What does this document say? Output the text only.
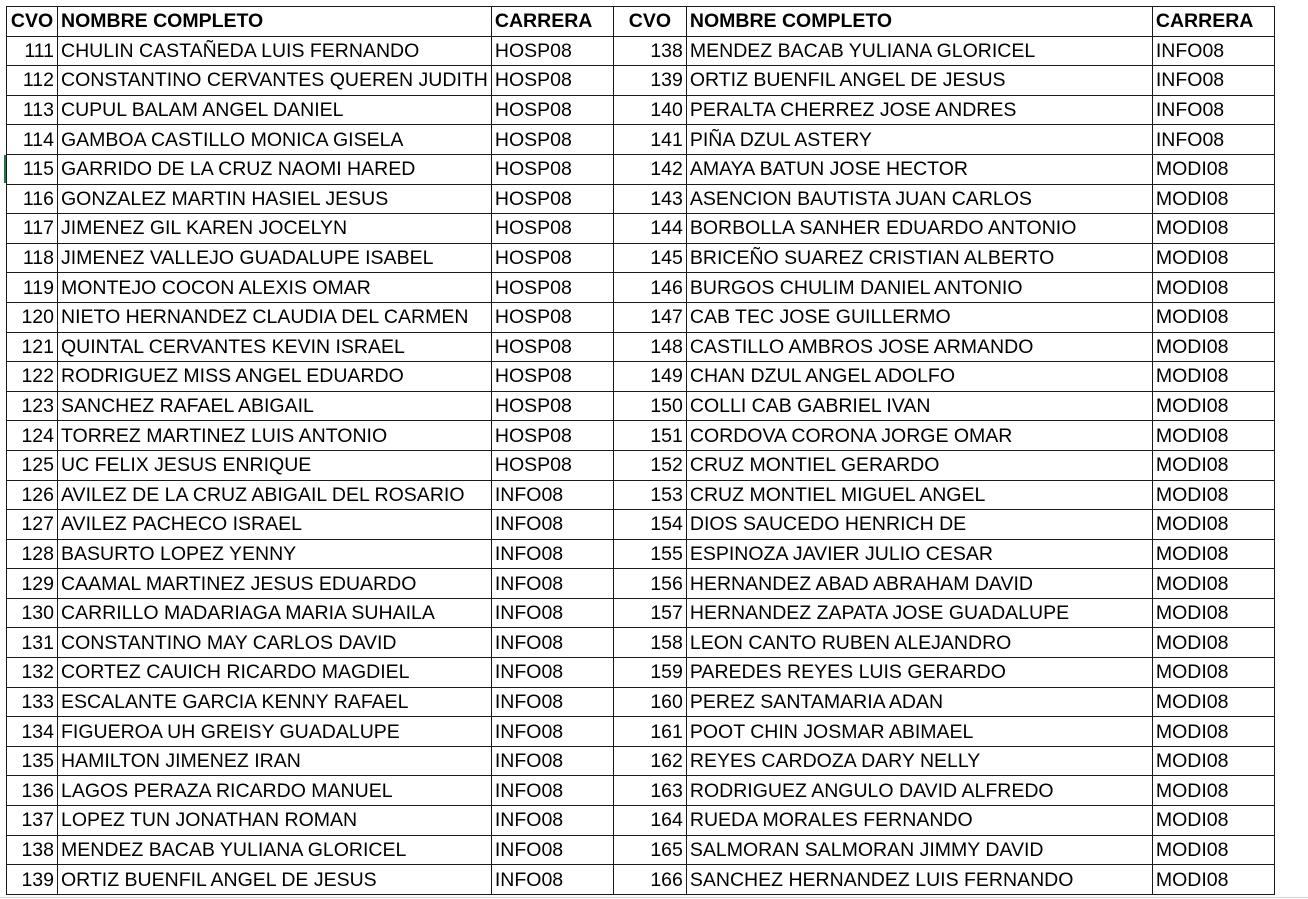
CVO	NOMBRE COMPLETO	CARRERA	CVO	NOMBRE COMPLETO	CARRERA
111	CHULIN CASTAÑEDA LUIS FERNANDO	HOSP08	138	MENDEZ BACAB YULIANA GLORICEL	INFO08
112	CONSTANTINO CERVANTES QUEREN JUDITH	HOSP08	139	ORTIZ BUENFIL ANGEL DE JESUS	INFO08
113	CUPUL BALAM ANGEL DANIEL	HOSP08	140	PERALTA CHERREZ JOSE ANDRES	INFO08
114	GAMBOA CASTILLO MONICA GISELA	HOSP08	141	PIÑA DZUL ASTERY	INFO08
115	GARRIDO DE LA CRUZ NAOMI HARED	HOSP08	142	AMAYA BATUN JOSE HECTOR	MODI08
116	GONZALEZ MARTIN HASIEL JESUS	HOSP08	143	ASENCION BAUTISTA JUAN CARLOS	MODI08
117	JIMENEZ GIL KAREN JOCELYN	HOSP08	144	BORBOLLA SANHER EDUARDO ANTONIO	MODI08
118	JIMENEZ VALLEJO GUADALUPE ISABEL	HOSP08	145	BRICEÑO SUAREZ CRISTIAN ALBERTO	MODI08
119	MONTEJO COCON ALEXIS OMAR	HOSP08	146	BURGOS CHULIM DANIEL ANTONIO	MODI08
120	NIETO HERNANDEZ CLAUDIA DEL CARMEN	HOSP08	147	CAB TEC JOSE GUILLERMO	MODI08
121	QUINTAL CERVANTES KEVIN ISRAEL	HOSP08	148	CASTILLO AMBROS JOSE ARMANDO	MODI08
122	RODRIGUEZ MISS ANGEL EDUARDO	HOSP08	149	CHAN DZUL ANGEL ADOLFO	MODI08
123	SANCHEZ RAFAEL ABIGAIL	HOSP08	150	COLLI CAB GABRIEL IVAN	MODI08
124	TORREZ MARTINEZ LUIS ANTONIO	HOSP08	151	CORDOVA CORONA JORGE OMAR	MODI08
125	UC FELIX JESUS ENRIQUE	HOSP08	152	CRUZ MONTIEL GERARDO	MODI08
126	AVILEZ DE LA CRUZ ABIGAIL DEL ROSARIO	INFO08	153	CRUZ MONTIEL MIGUEL ANGEL	MODI08
127	AVILEZ PACHECO ISRAEL	INFO08	154	DIOS SAUCEDO HENRICH DE	MODI08
128	BASURTO LOPEZ YENNY	INFO08	155	ESPINOZA JAVIER JULIO CESAR	MODI08
129	CAAMAL MARTINEZ JESUS EDUARDO	INFO08	156	HERNANDEZ ABAD ABRAHAM DAVID	MODI08
130	CARRILLO MADARIAGA MARIA SUHAILA	INFO08	157	HERNANDEZ ZAPATA JOSE GUADALUPE	MODI08
131	CONSTANTINO MAY CARLOS DAVID	INFO08	158	LEON CANTO RUBEN ALEJANDRO	MODI08
132	CORTEZ CAUICH RICARDO MAGDIEL	INFO08	159	PAREDES REYES LUIS GERARDO	MODI08
133	ESCALANTE GARCIA KENNY RAFAEL	INFO08	160	PEREZ SANTAMARIA ADAN	MODI08
134	FIGUEROA UH GREISY GUADALUPE	INFO08	161	POOT CHIN JOSMAR ABIMAEL	MODI08
135	HAMILTON JIMENEZ IRAN	INFO08	162	REYES CARDOZA DARY NELLY	MODI08
136	LAGOS PERAZA RICARDO MANUEL	INFO08	163	RODRIGUEZ ANGULO DAVID ALFREDO	MODI08
137	LOPEZ TUN JONATHAN ROMAN	INFO08	164	RUEDA MORALES FERNANDO	MODI08
138	MENDEZ BACAB YULIANA GLORICEL	INFO08	165	SALMORAN SALMORAN JIMMY DAVID	MODI08
139	ORTIZ BUENFIL ANGEL DE JESUS	INFO08	166	SANCHEZ HERNANDEZ LUIS FERNANDO	MODI08
